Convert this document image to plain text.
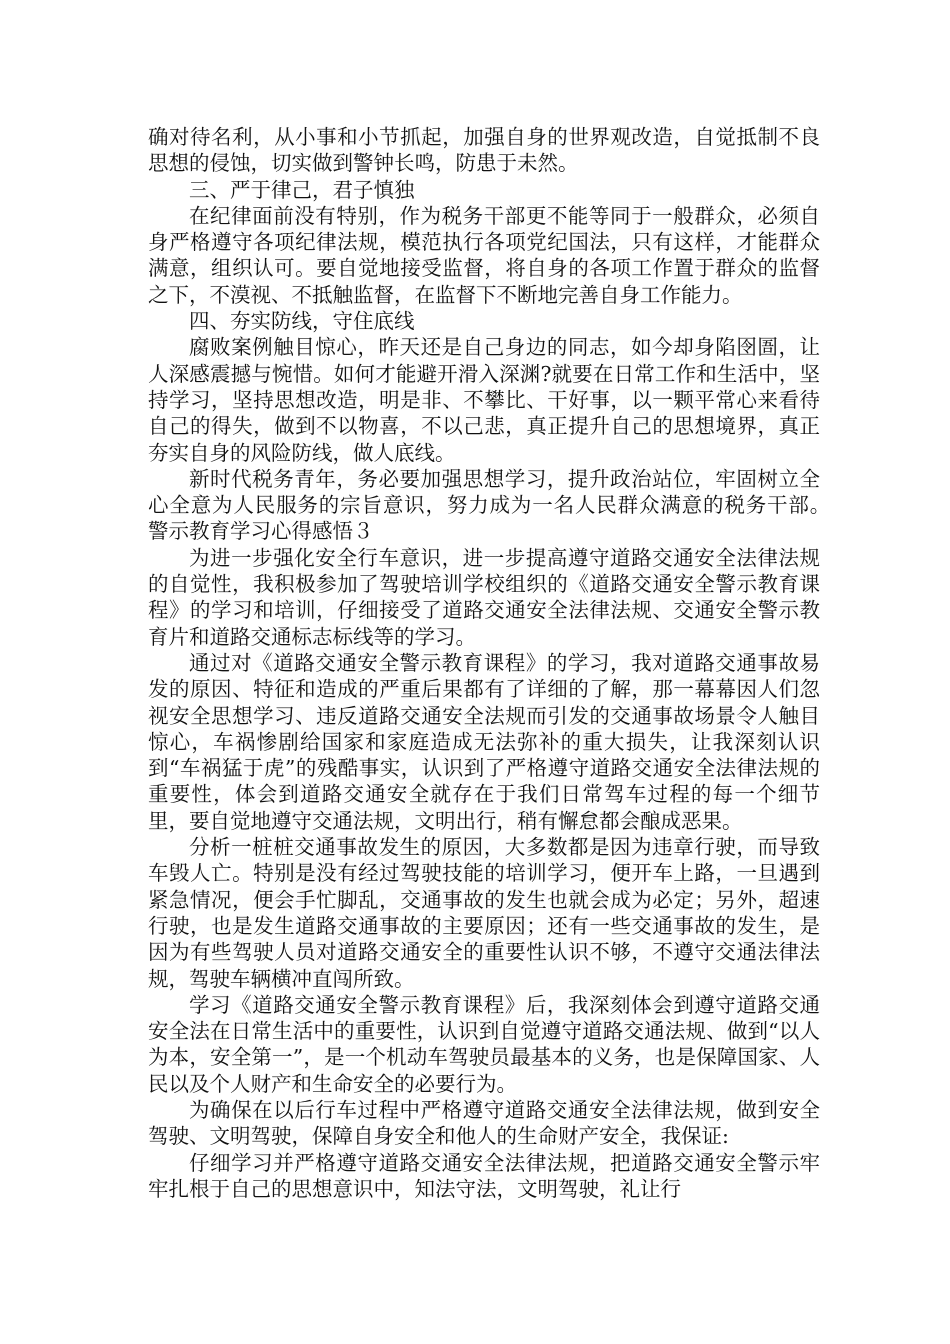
确对待名利，从小事和小节抓起，加强自身的世界观改造，自觉抵制不良思想的侵蚀，切实做到警钟长鸣，防患于未然。

三、严于律己，君子慎独

在纪律面前没有特别，作为税务干部更不能等同于一般群众，必须自身严格遵守各项纪律法规，模范执行各项党纪国法，只有这样，才能群众满意，组织认可。要自觉地接受监督，将自身的各项工作置于群众的监督之下，不漠视、不抵触监督，在监督下不断地完善自身工作能力。

四、夯实防线，守住底线

腐败案例触目惊心，昨天还是自己身边的同志，如今却身陷囹圄，让人深感震撼与惋惜。如何才能避开滑入深渊?就要在日常工作和生活中，坚持学习，坚持思想改造，明是非、不攀比、干好事，以一颗平常心来看待自己的得失，做到不以物喜，不以己悲，真正提升自己的思想境界，真正夯实自身的风险防线，做人底线。

新时代税务青年，务必要加强思想学习，提升政治站位，牢固树立全心全意为人民服务的宗旨意识，努力成为一名人民群众满意的税务干部。　　　警示教育学习心得感悟３

为进一步强化安全行车意识，进一步提高遵守道路交通安全法律法规的自觉性，我积极参加了驾驶培训学校组织的《道路交通安全警示教育课程》的学习和培训，仔细接受了道路交通安全法律法规、交通安全警示教育片和道路交通标志标线等的学习。

通过对《道路交通安全警示教育课程》的学习，我对道路交通事故易发的原因、特征和造成的严重后果都有了详细的了解，那一幕幕因人们忽视安全思想学习、违反道路交通安全法规而引发的交通事故场景令人触目惊心，车祸惨剧给国家和家庭造成无法弥补的重大损失，让我深刻认识到“车祸猛于虎”的残酷事实，认识到了严格遵守道路交通安全法律法规的重要性，体会到道路交通安全就存在于我们日常驾车过程的每一个细节里，要自觉地遵守交通法规，文明出行，稍有懈怠都会酿成恶果。

分析一桩桩交通事故发生的原因，大多数都是因为违章行驶，而导致车毁人亡。特别是没有经过驾驶技能的培训学习，便开车上路，一旦遇到紧急情况，便会手忙脚乱，交通事故的发生也就会成为必定；另外，超速行驶，也是发生道路交通事故的主要原因；还有一些交通事故的发生，是因为有些驾驶人员对道路交通安全的重要性认识不够，不遵守交通法律法规，驾驶车辆横冲直闯所致。

学习《道路交通安全警示教育课程》后，我深刻体会到遵守道路交通安全法在日常生活中的重要性，认识到自觉遵守道路交通法规、做到“以人为本，安全第一”，是一个机动车驾驶员最基本的义务，也是保障国家、人民以及个人财产和生命安全的必要行为。

为确保在以后行车过程中严格遵守道路交通安全法律法规，做到安全驾驶、文明驾驶，保障自身安全和他人的生命财产安全，我保证:

仔细学习并严格遵守道路交通安全法律法规，把道路交通安全警示牢牢扎根于自己的思想意识中，知法守法，文明驾驶，礼让行
